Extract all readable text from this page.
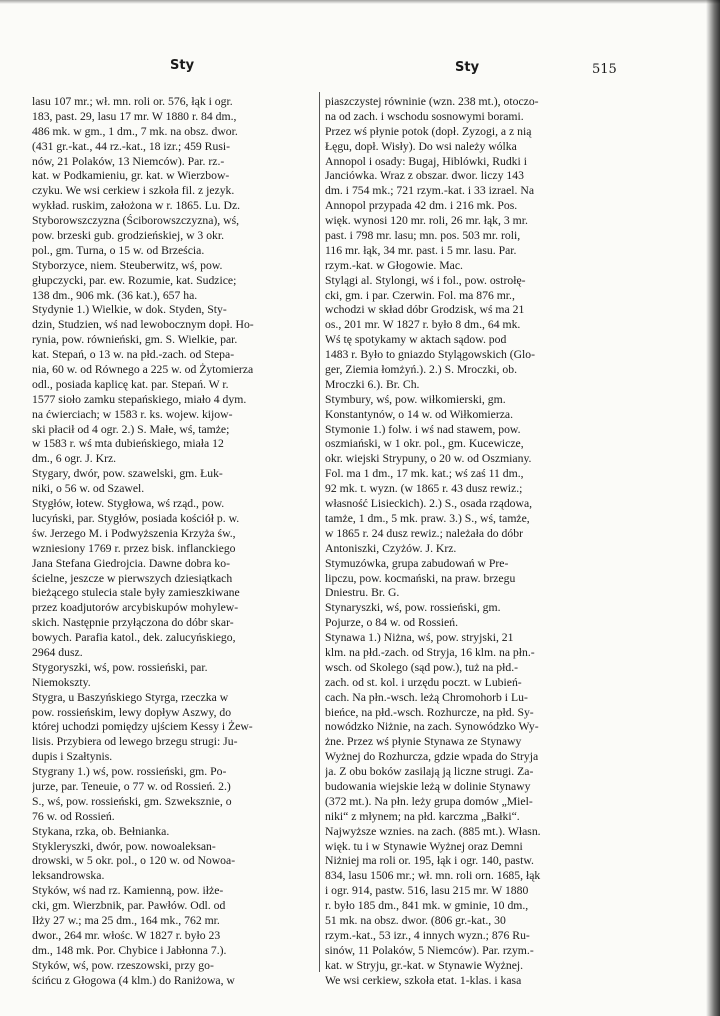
Sty	Sty	515
lasu 107 mr.; wł. mn. roli or. 576, łąk i ogr.
183, past. 29, lasu 17 mr. W 1880 r. 84 dm.,
486 mk. w gm., 1 dm., 7 mk. na obsz. dwor.
(431 gr.-kat., 44 rz.-kat., 18 izr.; 459 Rusi-
nów, 21 Polaków, 13 Niemców). Par. rz.-
kat. w Podkamieniu, gr. kat. w Wierzbow-
czyku. We wsi cerkiew i szkoła fil. z jezyk.
wykład. ruskim, założona w r. 1865. Lu. Dz.
Styborowszczyzna (Ściborowszczyzna), wś,
pow. brzeski gub. grodzieńskiej, w 3 okr.
pol., gm. Turna, o 15 w. od Brześcia.
Styborzyce, niem. Steuberwitz, wś, pow.
głupczycki, par. ew. Rozumie, kat. Sudzice;
138 dm., 906 mk. (36 kat.), 657 ha.
Stydynie 1.) Wielkie, w dok. Styden, Sty-
dzin, Studzien, wś nad lewobocznym dopł. Ho-
rynia, pow. równieński, gm. S. Wielkie, par.
kat. Stepań, o 13 w. na płd.-zach. od Stepa-
nia, 60 w. od Równego a 225 w. od Żytomierza
odl., posiada kaplicę kat. par. Stepań. W r.
1577 sioło zamku stepańskiego, miało 4 dym.
na ćwierciach; w 1583 r. ks. wojew. kijow-
ski płacił od 4 ogr. 2.) S. Małe, wś, tamże;
w 1583 r. wś mta dubieńskiego, miała 12
dm., 6 ogr. J. Krz.
Stygary, dwór, pow. szawelski, gm. Łuk-
niki, o 56 w. od Szawel.
Stygłów, łotew. Stygłowa, wś rząd., pow.
lucyński, par. Stygłów, posiada kościół p. w.
św. Jerzego M. i Podwyższenia Krzyża św.,
wzniesiony 1769 r. przez bisk. inflanckiego
Jana Stefana Giedrojcia. Dawne dobra ko-
ścielne, jeszcze w pierwszych dziesiątkach
bieżącego stulecia stale były zamieszkiwane
przez koadjutorów arcybiskupów mohylew-
skich. Następnie przyłączona do dóbr skar-
bowych. Parafia katol., dek. zalucyńskiego,
2964 dusz.
Stygoryszki, wś, pow. rossieński, par.
Niemokszty.
Stygra, u Baszyńskiego Styrga, rzeczka w
pow. rossieńskim, lewy dopływ Aszwy, do
której uchodzi pomiędzy ujściem Kessy i Żew-
lisis. Przybiera od lewego brzegu strugi: Ju-
dupis i Szałtynis.
Stygrany 1.) wś, pow. rossieński, gm. Po-
jurze, par. Teneuie, o 77 w. od Rossień. 2.)
S., wś, pow. rossieński, gm. Szweksznie, o
76 w. od Rossień.
Stykana, rzka, ob. Bełnianka.
Stykleryszki, dwór, pow. nowoaleksan-
drowski, w 5 okr. pol., o 120 w. od Nowoa-
leksandrowska.
Styków, wś nad rz. Kamienną, pow. iłże-
cki, gm. Wierzbnik, par. Pawłów. Odl. od
Iłży 27 w.; ma 25 dm., 164 mk., 762 mr.
dwor., 264 mr. włośc. W 1827 r. było 23
dm., 148 mk. Por. Chybice i Jabłonna 7.).
Styków, wś, pow. rzeszowski, przy go-
ścińcu z Głogowa (4 klm.) do Raniżowa, w
piaszczystej równinie (wzn. 238 mt.), otoczo-
na od zach. i wschodu sosnowymi borami.
Przez wś płynie potok (dopł. Zyzogi, a z nią
Łęgu, dopł. Wisły). Do wsi należy wólka
Annopol i osady: Bugaj, Hiblówki, Rudki i
Janciówka. Wraz z obszar. dwor. liczy 143
dm. i 754 mk.; 721 rzym.-kat. i 33 izrael. Na
Annopol przypada 42 dm. i 216 mk. Pos.
więk. wynosi 120 mr. roli, 26 mr. łąk, 3 mr.
past. i 798 mr. lasu; mn. pos. 503 mr. roli,
116 mr. łąk, 34 mr. past. i 5 mr. lasu. Par.
rzym.-kat. w Głogowie. Mac.
Stylągi al. Stylongi, wś i fol., pow. ostrołę-
cki, gm. i par. Czerwin. Fol. ma 876 mr.,
wchodzi w skład dóbr Grodzisk, wś ma 21
os., 201 mr. W 1827 r. było 8 dm., 64 mk.
Wś tę spotykamy w aktach sądow. pod
1483 r. Było to gniazdo Stylągowskich (Glo-
ger, Ziemia łomżyń.). 2.) S. Mroczki, ob.
Mroczki 6.). Br. Ch.
Stymbury, wś, pow. wiłkomierski, gm.
Konstantynów, o 14 w. od Wiłkomierza.
Stymonie 1.) folw. i wś nad stawem, pow.
oszmiański, w 1 okr. pol., gm. Kucewicze,
okr. wiejski Strypuny, o 20 w. od Oszmiany.
Fol. ma 1 dm., 17 mk. kat.; wś zaś 11 dm.,
92 mk. t. wyzn. (w 1865 r. 43 dusz rewiz.;
własność Lisieckich). 2.) S., osada rządowa,
tamże, 1 dm., 5 mk. praw. 3.) S., wś, tamże,
w 1865 r. 24 dusz rewiz.; należała do dóbr
Antoniszki, Czyżów. J. Krz.
Stymuzówka, grupa zabudowań w Pre-
lipczu, pow. kocmański, na praw. brzegu
Dniestru. Br. G.
Stynaryszki, wś, pow. rossieński, gm.
Pojurze, o 84 w. od Rossień.
Stynawa 1.) Niżna, wś, pow. stryjski, 21
klm. na płd.-zach. od Stryja, 16 klm. na płn.-
wsch. od Skolego (sąd pow.), tuż na płd.-
zach. od st. kol. i urzędu poczt. w Lubień-
cach. Na płn.-wsch. leżą Chromohorb i Lu-
bieńce, na płd.-wsch. Rozhurcze, na płd. Sy-
nowódzko Niżnie, na zach. Synowódzko Wy-
żne. Przez wś płynie Stynawa ze Stynawy
Wyżnej do Rozhurcza, gdzie wpada do Stryja
ja. Z obu boków zasilają ją liczne strugi. Za-
budowania wiejskie leżą w dolinie Stynawy
(372 mt.). Na płn. leży grupa domów „Miel-
niki“ z młynem; na płd. karczma „Bałki“.
Najwyższe wznies. na zach. (885 mt.). Własn.
więk. tu i w Stynawie Wyżnej oraz Demni
Niżniej ma roli or. 195, łąk i ogr. 140, pastw.
834, lasu 1506 mr.; wł. mn. roli orn. 1685, łąk
i ogr. 914, pastw. 516, lasu 215 mr. W 1880
r. było 185 dm., 841 mk. w gminie, 10 dm.,
51 mk. na obsz. dwor. (806 gr.-kat., 30
rzym.-kat., 53 izr., 4 innych wyzn.; 876 Ru-
sinów, 11 Polaków, 5 Niemców). Par. rzym.-
kat. w Stryju, gr.-kat. w Stynawie Wyżnej.
We wsi cerkiew, szkoła etat. 1-klas. i kasa
